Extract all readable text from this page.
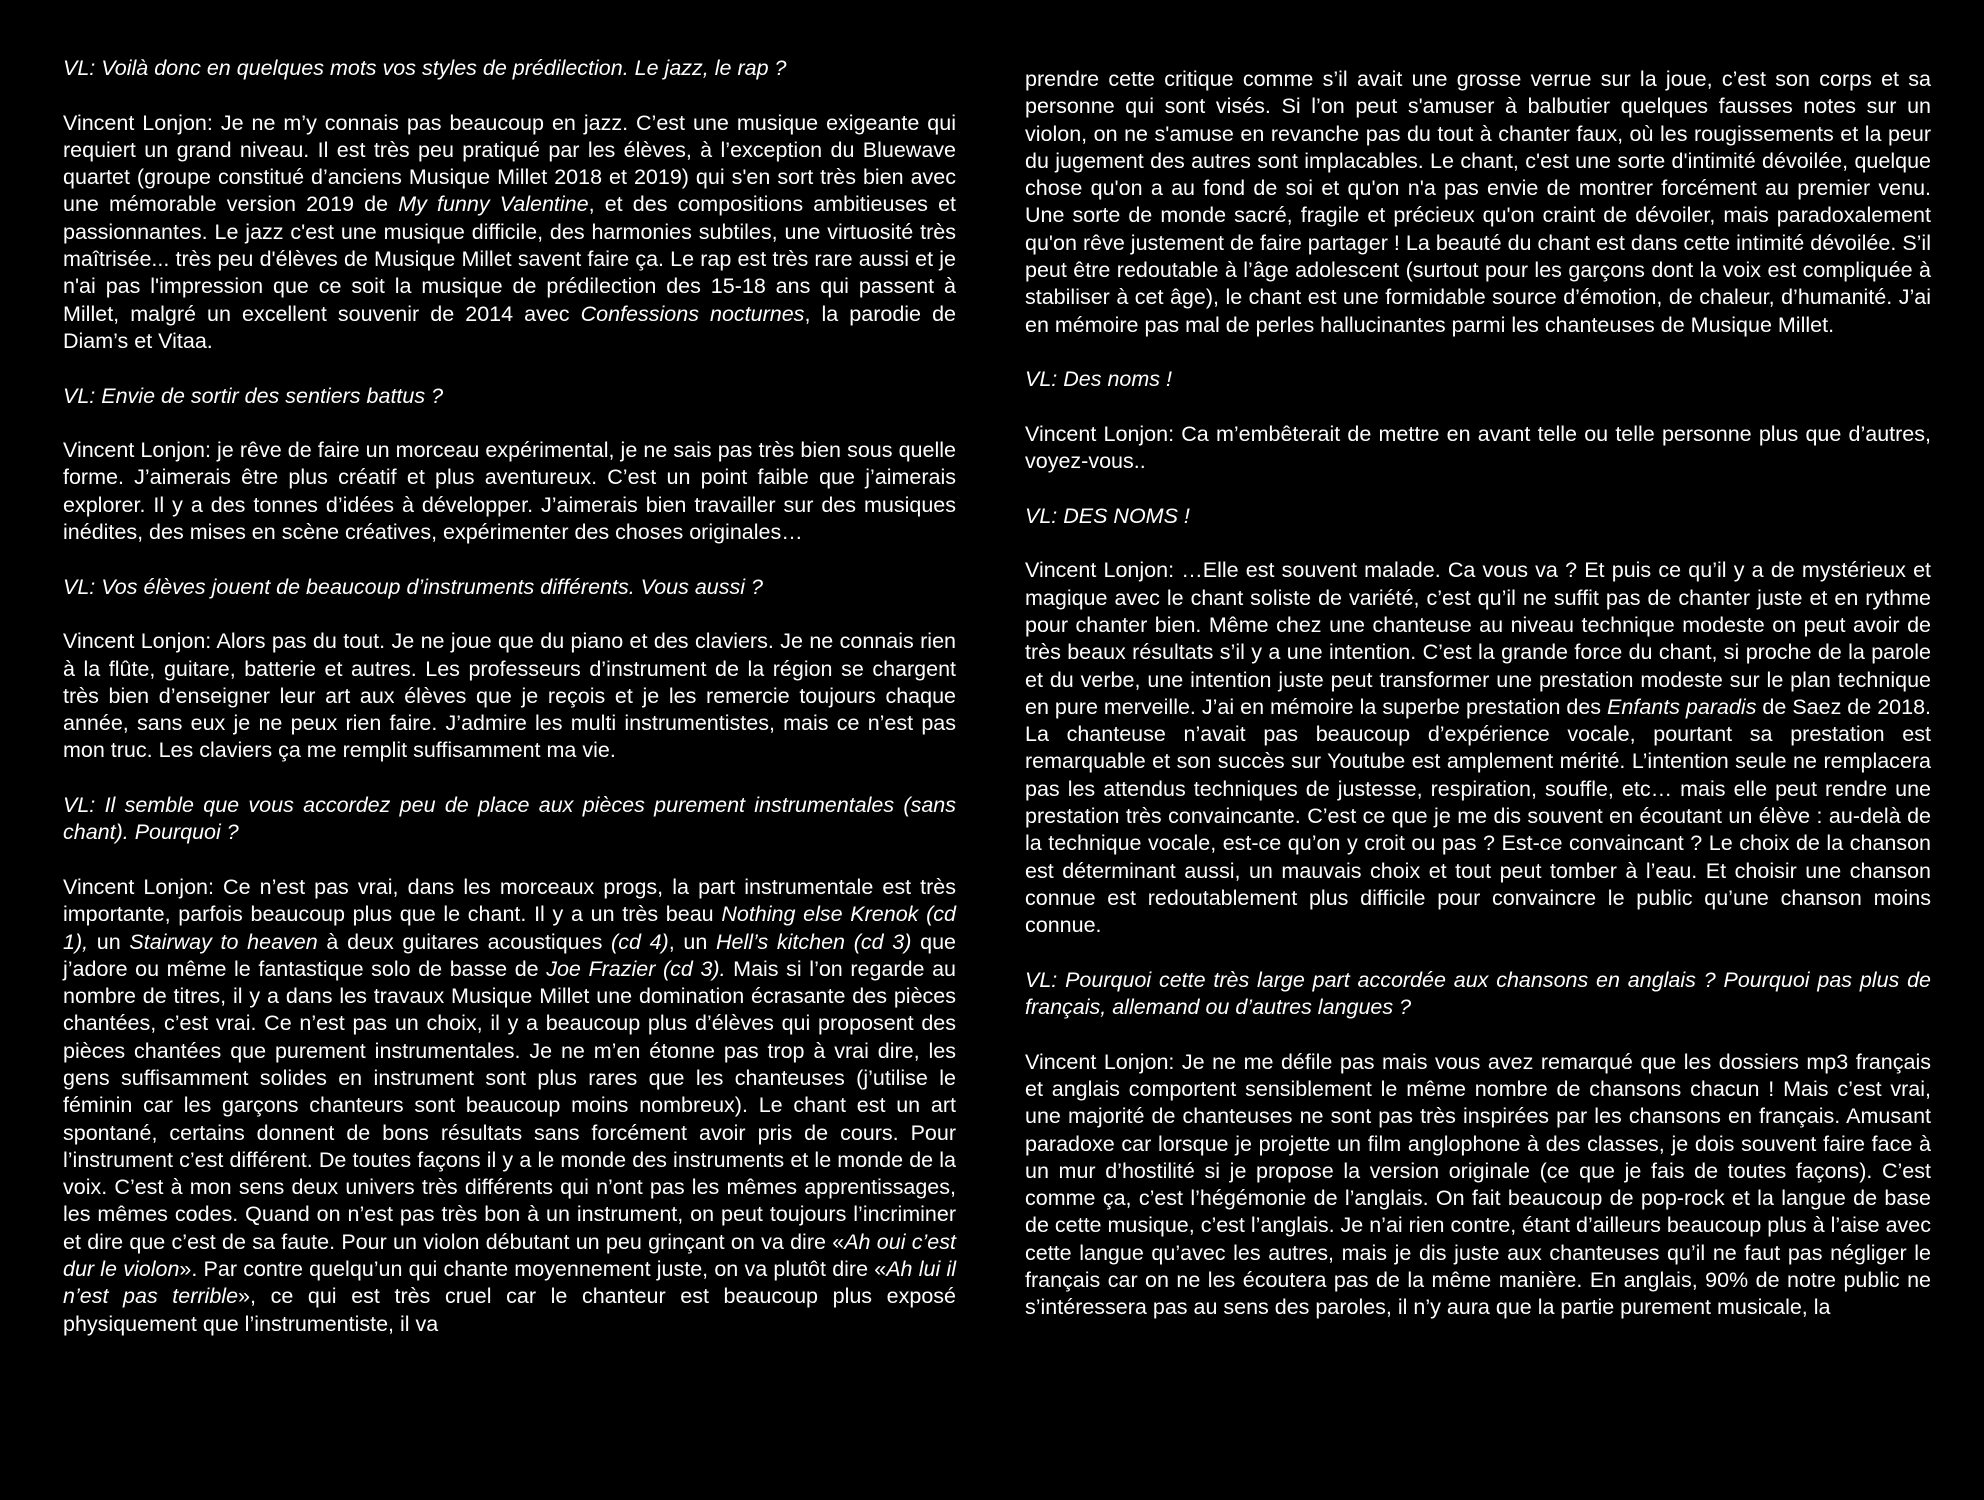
VL: Voilà donc en quelques mots vos styles de prédilection. Le jazz, le rap ?

Vincent Lonjon: Je ne m’y connais pas beaucoup en jazz. C’est une musique exigeante qui requiert un grand niveau. Il est très peu pratiqué par les élèves, à l’exception du Bluewave quartet (groupe constitué d’anciens Musique Millet 2018 et 2019) qui s'en sort très bien avec une mémorable version 2019 de My funny Valentine, et des compositions ambitieuses et passionnantes. Le jazz c'est une musique difficile, des harmonies subtiles, une virtuosité très maîtrisée... très peu d'élèves de Musique Millet savent faire ça. Le rap est très rare aussi et je n'ai pas l'impression que ce soit la musique de prédilection des 15-18 ans qui passent à Millet, malgré un excellent souvenir de 2014 avec Confessions nocturnes, la parodie de Diam’s et Vitaa.

VL: Envie de sortir des sentiers battus ?

Vincent Lonjon: je rêve de faire un morceau expérimental, je ne sais pas très bien sous quelle forme. J’aimerais être plus créatif et plus aventureux. C’est un point faible que j’aimerais explorer. Il y a des tonnes d’idées à développer. J’aimerais bien travailler sur des musiques inédites, des mises en scène créatives, expérimenter des choses originales…

VL: Vos élèves jouent de beaucoup d’instruments différents. Vous aussi ?

Vincent Lonjon: Alors pas du tout. Je ne joue que du piano et des claviers. Je ne connais rien à la flûte, guitare, batterie et autres. Les professeurs d’instrument de la région se chargent très bien d’enseigner leur art aux élèves que je reçois et je les remercie toujours chaque année, sans eux je ne peux rien faire. J’admire les multi instrumentistes, mais ce n’est pas mon truc. Les claviers ça me remplit suffisamment ma vie.

VL: Il semble que vous accordez peu de place aux pièces purement instrumentales (sans chant). Pourquoi ?

Vincent Lonjon: Ce n’est pas vrai, dans les morceaux progs, la part instrumentale est très importante, parfois beaucoup plus que le chant. Il y a un très beau Nothing else Krenok (cd 1), un Stairway to heaven à deux guitares acoustiques (cd 4), un Hell’s kitchen (cd 3) que j’adore ou même le fantastique solo de basse de Joe Frazier (cd 3). Mais si l’on regarde au nombre de titres, il y a dans les travaux Musique Millet une domination écrasante des pièces chantées, c’est vrai. Ce n’est pas un choix, il y a beaucoup plus d’élèves qui proposent des pièces chantées que purement instrumentales. Je ne m’en étonne pas trop à vrai dire, les gens suffisamment solides en instrument sont plus rares que les chanteuses (j’utilise le féminin car les garçons chanteurs sont beaucoup moins nombreux). Le chant est un art spontané, certains donnent de bons résultats sans forcément avoir pris de cours. Pour l’instrument c’est différent. De toutes façons il y a le monde des instruments et le monde de la voix. C’est à mon sens deux univers très différents qui n’ont pas les mêmes apprentissages, les mêmes codes. Quand on n’est pas très bon à un instrument, on peut toujours l’incriminer et dire que c’est de sa faute. Pour un violon débutant un peu grinçant on va dire «Ah oui c’est dur le violon». Par contre quelqu’un qui chante moyennement juste, on va plutôt dire «Ah lui il n’est pas terrible», ce qui est très cruel car le chanteur est beaucoup plus exposé physiquement que l’instrumentiste, il va

prendre cette critique comme s’il avait une grosse verrue sur la joue, c’est son corps et sa personne qui sont visés. Si l’on peut s'amuser à balbutier quelques fausses notes sur un violon, on ne s'amuse en revanche pas du tout à chanter faux, où les rougissements et la peur du jugement des autres sont implacables. Le chant, c'est une sorte d'intimité dévoilée, quelque chose qu'on a au fond de soi et qu'on n'a pas envie de montrer forcément au premier venu. Une sorte de monde sacré, fragile et précieux qu'on craint de dévoiler, mais paradoxalement qu'on rêve justement de faire partager ! La beauté du chant est dans cette intimité dévoilée. S’il peut être redoutable à l’âge adolescent (surtout pour les garçons dont la voix est compliquée à stabiliser à cet âge), le chant est une formidable source d’émotion, de chaleur, d’humanité. J’ai en mémoire pas mal de perles hallucinantes parmi les chanteuses de Musique Millet.

VL: Des noms !

Vincent Lonjon: Ca m’embêterait de mettre en avant telle ou telle personne plus que d’autres, voyez-vous..

VL: DES NOMS !

Vincent Lonjon: …Elle est souvent malade. Ca vous va ? Et puis ce qu’il y a de mystérieux et magique avec le chant soliste de variété, c’est qu’il ne suffit pas de chanter juste et en rythme pour chanter bien. Même chez une chanteuse au niveau technique modeste on peut avoir de très beaux résultats s’il y a une intention. C’est la grande force du chant, si proche de la parole et du verbe, une intention juste peut transformer une prestation modeste sur le plan technique en pure merveille. J’ai en mémoire la superbe prestation des Enfants paradis de Saez de 2018. La chanteuse n’avait pas beaucoup d’expérience vocale, pourtant sa prestation est remarquable et son succès sur Youtube est amplement mérité. L’intention seule ne remplacera pas les attendus techniques de justesse, respiration, souffle, etc… mais elle peut rendre une prestation très convaincante. C’est ce que je me dis souvent en écoutant un élève : au-delà de la technique vocale, est-ce qu’on y croit ou pas ? Est-ce convaincant ? Le choix de la chanson est déterminant aussi, un mauvais choix et tout peut tomber à l’eau. Et choisir une chanson connue est redoutablement plus difficile pour convaincre le public qu’une chanson moins connue.

VL: Pourquoi cette très large part accordée aux chansons en anglais ? Pourquoi pas plus de français, allemand ou d’autres langues ?

Vincent Lonjon: Je ne me défile pas mais vous avez remarqué que les dossiers mp3 français et anglais comportent sensiblement le même nombre de chansons chacun ! Mais c’est vrai, une majorité de chanteuses ne sont pas très inspirées par les chansons en français. Amusant paradoxe car lorsque je projette un film anglophone à des classes, je dois souvent faire face à un mur d’hostilité si je propose la version originale (ce que je fais de toutes façons). C’est comme ça, c’est l’hégémonie de l’anglais. On fait beaucoup de pop-rock et la langue de base de cette musique, c’est l’anglais. Je n’ai rien contre, étant d’ailleurs beaucoup plus à l’aise avec cette langue qu’avec les autres, mais je dis juste aux chanteuses qu’il ne faut pas négliger le français car on ne les écoutera pas de la même manière. En anglais, 90% de notre public ne s’intéressera pas au sens des paroles, il n’y aura que la partie purement musicale, la
